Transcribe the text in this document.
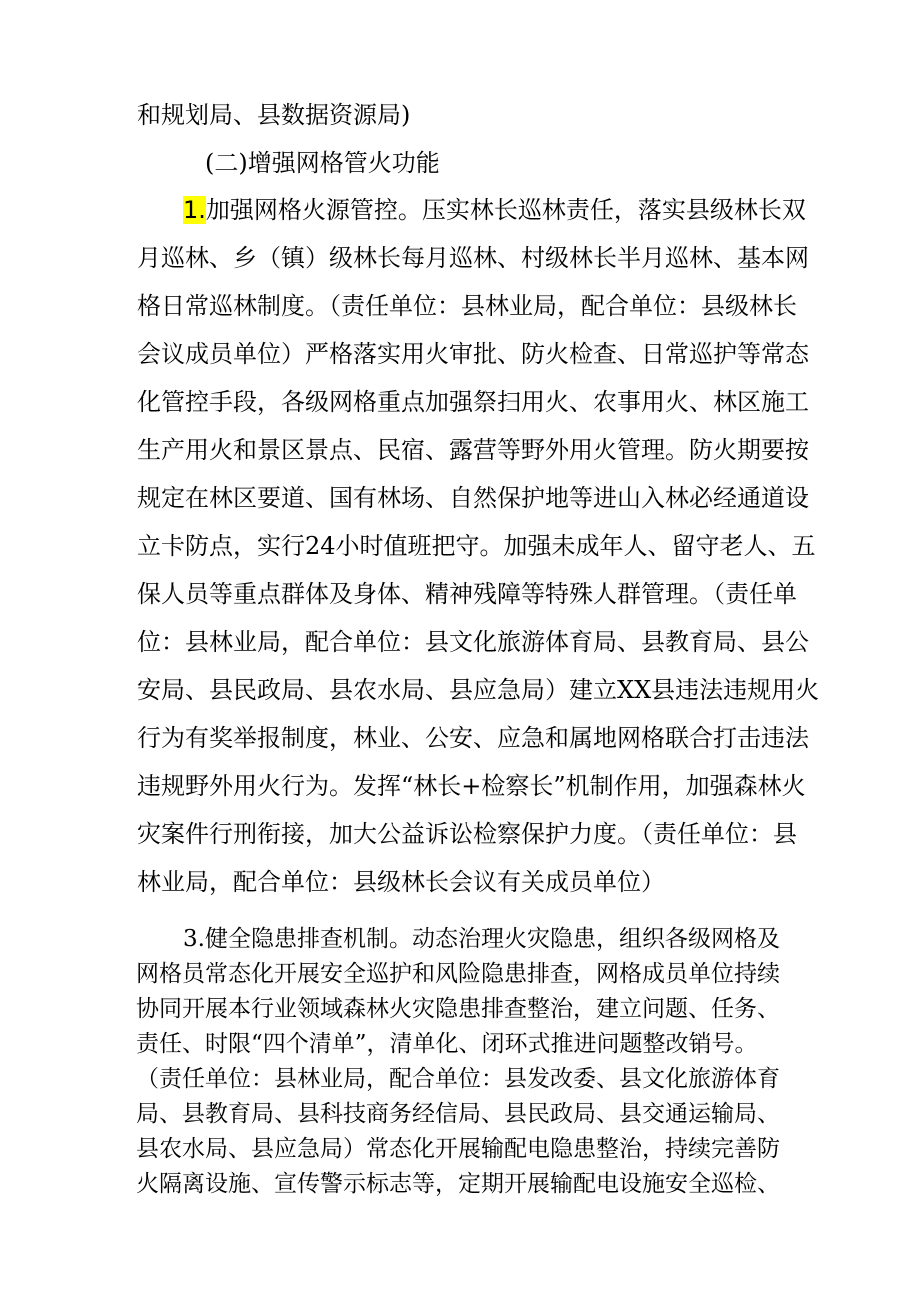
和规划局、县数据资源局)
(二)增强网格管火功能
1.加强网格火源管控。压实林长巡林责任，落实县级林长双
月巡林、乡（镇）级林长每月巡林、村级林长半月巡林、基本网
格日常巡林制度。（责任单位：县林业局，配合单位：县级林长
会议成员单位）严格落实用火审批、防火检查、日常巡护等常态
化管控手段，各级网格重点加强祭扫用火、农事用火、林区施工
生产用火和景区景点、民宿、露营等野外用火管理。防火期要按
规定在林区要道、国有林场、自然保护地等进山入林必经通道设
立卡防点，实行24小时值班把守。加强未成年人、留守老人、五
保人员等重点群体及身体、精神残障等特殊人群管理。（责任单
位：县林业局，配合单位：县文化旅游体育局、县教育局、县公
安局、县民政局、县农水局、县应急局）建立XX县违法违规用火
行为有奖举报制度，林业、公安、应急和属地网格联合打击违法
违规野外用火行为。发挥“林长+检察长”机制作用，加强森林火
灾案件行刑衔接，加大公益诉讼检察保护力度。（责任单位：县
林业局，配合单位：县级林长会议有关成员单位）
3.健全隐患排查机制。动态治理火灾隐患，组织各级网格及
网格员常态化开展安全巡护和风险隐患排查，网格成员单位持续
协同开展本行业领域森林火灾隐患排查整治，建立问题、任务、
责任、时限“四个清单”，清单化、闭环式推进问题整改销号。
（责任单位：县林业局，配合单位：县发改委、县文化旅游体育
局、县教育局、县科技商务经信局、县民政局、县交通运输局、
县农水局、县应急局）常态化开展输配电隐患整治，持续完善防
火隔离设施、宣传警示标志等，定期开展输配电设施安全巡检、
